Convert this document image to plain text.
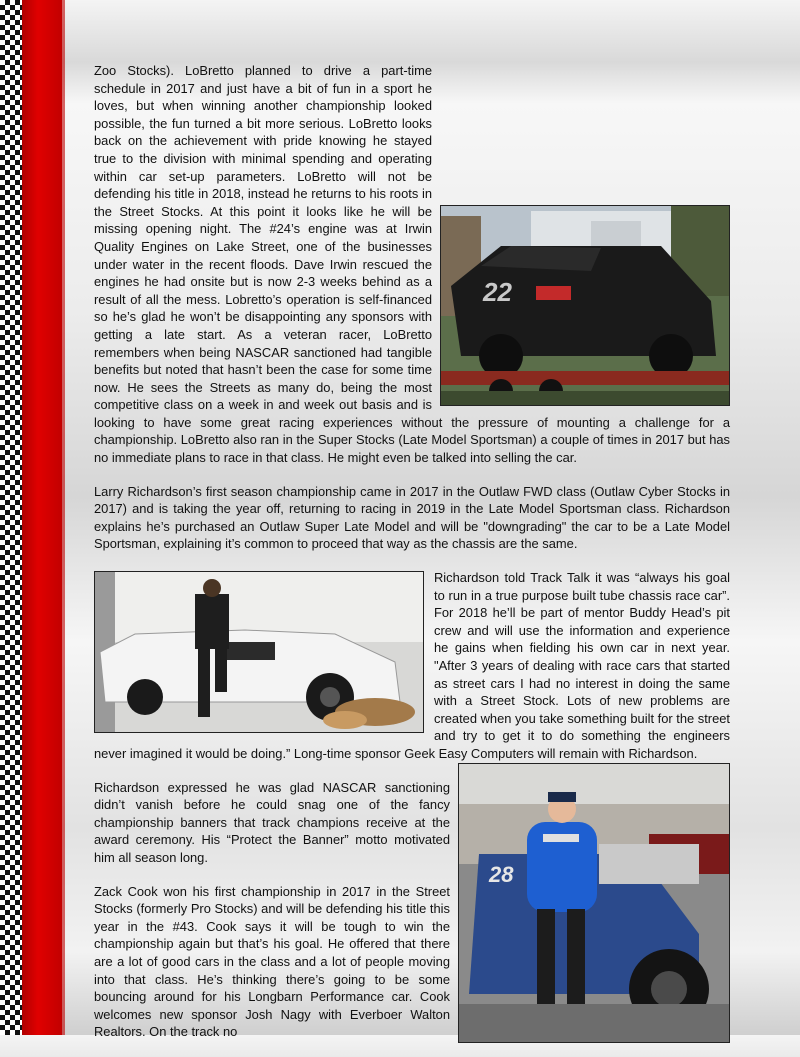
22

Zoo Stocks). LoBretto planned to drive a part-time schedule in 2017 and just have a bit of fun in a sport he loves, but when winning another championship looked possible, the fun turned a bit more serious. LoBretto looks back on the achievement with pride knowing he stayed true to the division with minimal spending and operating within car set-up parameters. LoBretto will not be defending his title in 2018, instead he returns to his roots in the Street Stocks. At this point it looks like he will be missing opening night. The #24’s engine was at Irwin Quality Engines on Lake Street, one of the businesses under water in the recent floods. Dave Irwin rescued the engines he had onsite but is now 2-3 weeks behind as a result of all the mess. Lobretto’s operation is self-financed so he’s glad he won’t be disappointing any sponsors with getting a late start. As a veteran racer, LoBretto remembers when being NASCAR sanctioned had tangible benefits but noted that hasn’t been the case for some time now. He sees the Streets as many do, being the most competitive class on a week in and week out basis and is looking to have some great racing experiences without the pressure of mounting a challenge for a championship. LoBretto also ran in the Super Stocks (Late Model Sportsman) a couple of times in 2017 but has no immediate plans to race in that class. He might even be talked into selling the car.

Larry Richardson’s first season championship came in 2017 in the Outlaw FWD class (Outlaw Cyber Stocks in 2017) and is taking the year off, returning to racing in 2019 in the Late Model Sportsman class. Richardson explains he’s purchased an Outlaw Super Late Model and will be "downgrading" the car to be a Late Model Sportsman, explaining it’s common to proceed that way as the chassis are the same.

Richardson told Track Talk it was “always his goal to run in a true purpose built tube chassis race car”. For 2018 he’ll be part of mentor Buddy Head’s pit crew and will use the information and experience he gains when fielding his own car in next year. "After 3 years of dealing with race cars that started as street cars I had no interest in doing the same with a Street Stock. Lots of new problems are created when you take something built for the street and try to get it to do something the engineers never imagined it would be doing.” Long-time sponsor Geek Easy Computers will remain with Richardson.

28

Richardson expressed he was glad NASCAR sanctioning didn’t vanish before he could snag one of the fancy championship banners that track champions receive at the award ceremony. His “Protect the Banner” motto motivated him all season long.

Zack Cook won his first championship in 2017 in the Street Stocks (formerly Pro Stocks) and will be defending his title this year in the #43. Cook says it will be tough to win the championship again but that’s his goal. He offered that there are a lot of good cars in the class and a lot of people moving into that class. He’s thinking there’s going to be some bouncing around for his Longbarn Performance car. Cook welcomes new sponsor Josh Nagy with Everboer Walton Realtors. On the track no
